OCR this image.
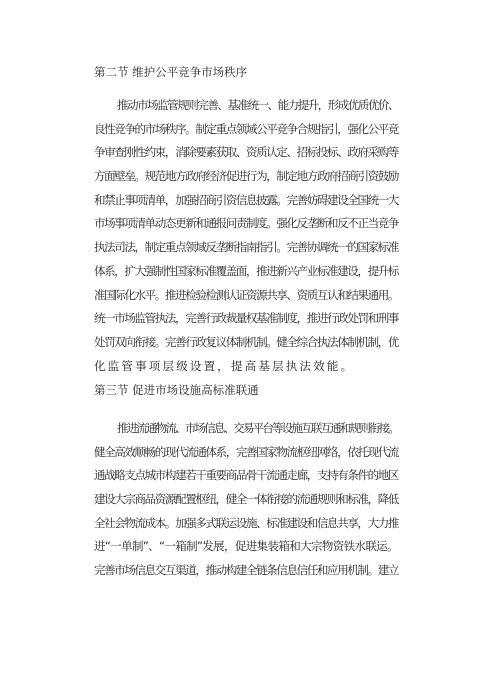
第二节 维护公平竞争市场秩序
推动市场监管规则完善、基准统一、能力提升，形成优质优价、
良性竞争的市场秩序。制定重点领域公平竞争合规指引，强化公平竞
争审查刚性约束，消除要素获取、资质认定、招标投标、政府采购等
方面壁垒。规范地方政府经济促进行为，制定地方政府招商引资鼓励
和禁止事项清单，加强招商引资信息披露。完善妨碍建设全国统一大
市场事项清单动态更新和通报问责制度。强化反垄断和反不正当竞争
执法司法，制定重点领域反垄断指南指引。完善协调统一的国家标准
体系，扩大强制性国家标准覆盖面，推进新兴产业标准建设，提升标
准国际化水平。推进检验检测认证资源共享、资质互认和结果通用。
统一市场监管执法，完善行政裁量权基准制度，推进行政处罚和刑事
处罚双向衔接。完善行政复议体制机制。健全综合执法体制机制，优
化监管事项层级设置，提高基层执法效能。
第三节 促进市场设施高标准联通
推进流通物流、市场信息、交易平台等设施互联互通和规则衔接。
健全高效顺畅的现代流通体系，完善国家物流枢纽网络，依托现代流
通战略支点城市构建若干重要商品骨干流通走廊，支持有条件的地区
建设大宗商品资源配置枢纽，健全一体衔接的流通规则和标准，降低
全社会物流成本。加强多式联运设施、标准建设和信息共享，大力推
进“一单制”、“一箱制”发展，促进集装箱和大宗物资铁水联运。
完善市场信息交互渠道，推动构建全链条信息信任和应用机制。建立
